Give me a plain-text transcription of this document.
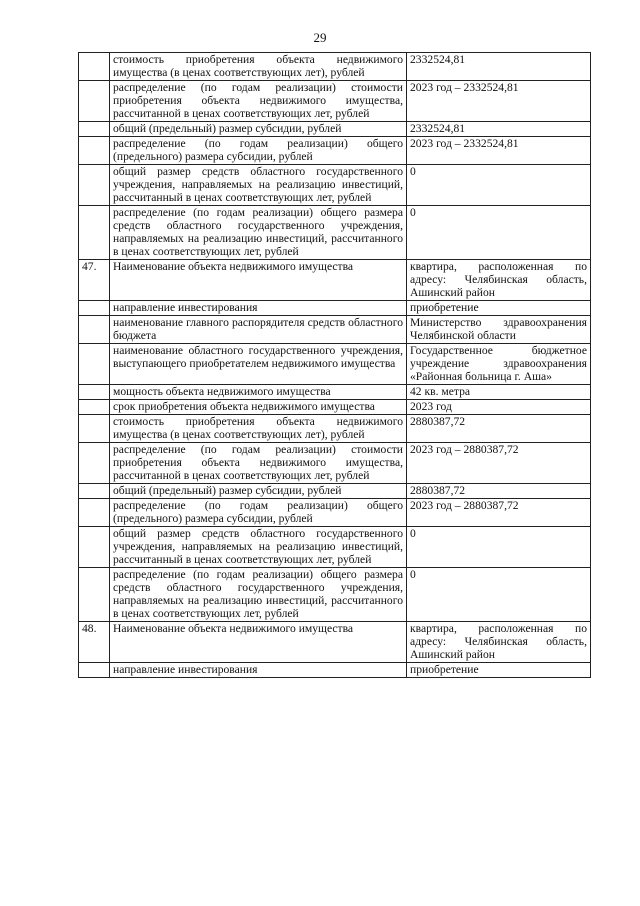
29
	стоимость приобретения объекта недвижимого имущества (в ценах соответствующих лет), рублей	2332524,81
	распределение (по годам реализации) стоимости приобретения объекта недвижимого имущества, рассчитанной в ценах соответствующих лет, рублей	2023 год – 2332524,81
	общий (предельный) размер субсидии, рублей	2332524,81
	распределение (по годам реализации) общего (предельного) размера субсидии, рублей	2023 год – 2332524,81
	общий размер средств областного государственного учреждения, направляемых на реализацию инвестиций, рассчитанный в ценах соответствующих лет, рублей	0
	распределение (по годам реализации) общего размера средств областного государственного учреждения, направляемых на реализацию инвестиций, рассчитанного в ценах соответствующих лет, рублей	0
47.	Наименование объекта недвижимого имущества	квартира, расположенная по адресу: Челябинская область, Ашинский район
	направление инвестирования	приобретение
	наименование главного распорядителя средств областного бюджета	Министерство здравоохранения Челябинской области
	наименование областного государственного учреждения, выступающего приобретателем недвижимого имущества	Государственное бюджетное учреждение здравоохранения «Районная больница г. Аша»
	мощность объекта недвижимого имущества	42 кв. метра
	срок приобретения объекта недвижимого имущества	2023 год
	стоимость приобретения объекта недвижимого имущества (в ценах соответствующих лет), рублей	2880387,72
	распределение (по годам реализации) стоимости приобретения объекта недвижимого имущества, рассчитанной в ценах соответствующих лет, рублей	2023 год – 2880387,72
	общий (предельный) размер субсидии, рублей	2880387,72
	распределение (по годам реализации) общего (предельного) размера субсидии, рублей	2023 год – 2880387,72
	общий размер средств областного государственного учреждения, направляемых на реализацию инвестиций, рассчитанный в ценах соответствующих лет, рублей	0
	распределение (по годам реализации) общего размера средств областного государственного учреждения, направляемых на реализацию инвестиций, рассчитанного в ценах соответствующих лет, рублей	0
48.	Наименование объекта недвижимого имущества	квартира, расположенная по адресу: Челябинская область, Ашинский район
	направление инвестирования	приобретение
